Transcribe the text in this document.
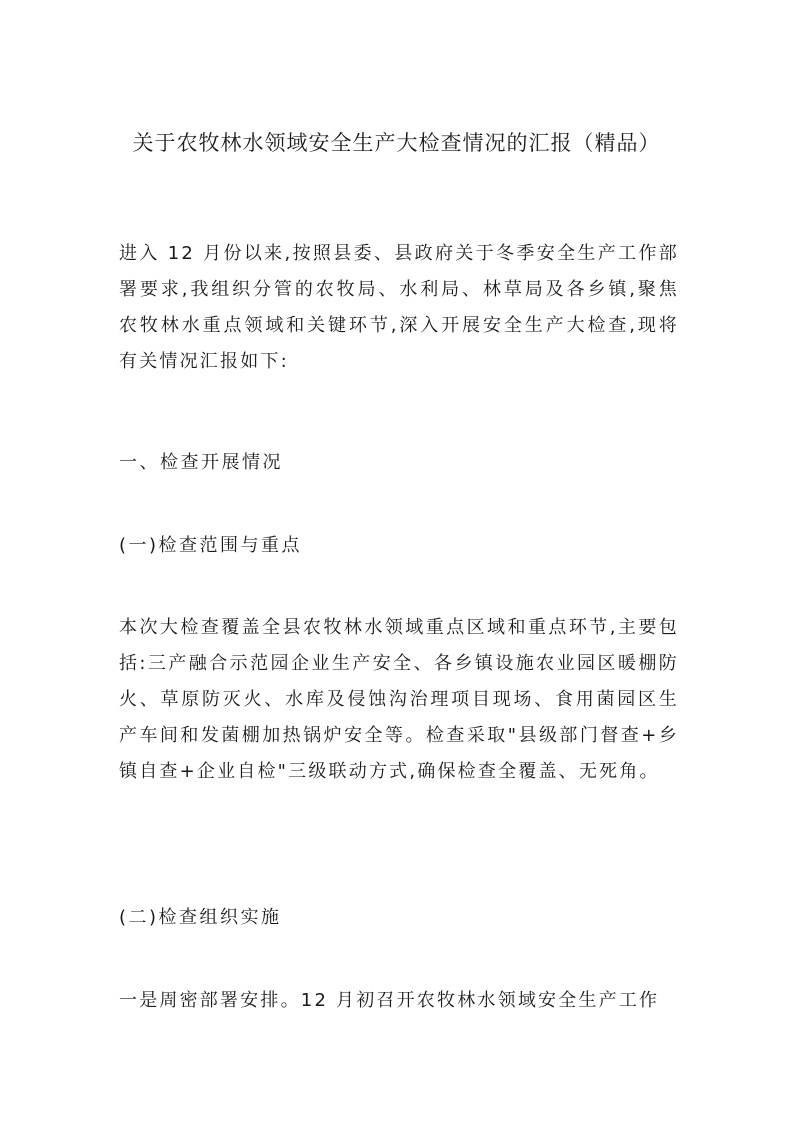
关于农牧林水领域安全生产大检查情况的汇报（精品）

进入 12 月份以来,按照县委、县政府关于冬季安全生产工作部署要求,我组织分管的农牧局、水利局、林草局及各乡镇,聚焦农牧林水重点领域和关键环节,深入开展安全生产大检查,现将有关情况汇报如下:

一、检查开展情况

(一)检查范围与重点

本次大检查覆盖全县农牧林水领域重点区域和重点环节,主要包括:三产融合示范园企业生产安全、各乡镇设施农业园区暖棚防火、草原防灭火、水库及侵蚀沟治理项目现场、食用菌园区生产车间和发菌棚加热锅炉安全等。检查采取"县级部门督查+乡镇自查+企业自检"三级联动方式,确保检查全覆盖、无死角。

(二)检查组织实施

一是周密部署安排。12 月初召开农牧林水领域安全生产工作
